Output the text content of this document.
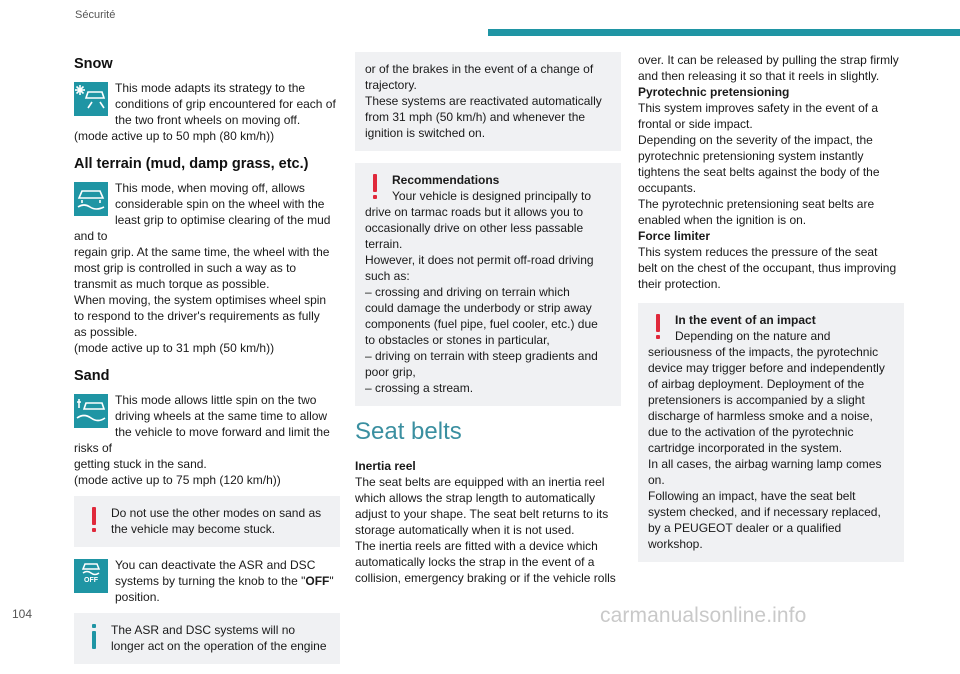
Sécurité
Snow
This mode adapts its strategy to the
conditions of grip encountered for each of
the two front wheels on moving off.
(mode active up to 50 mph (80 km/h))
All terrain (mud, damp grass, etc.)
This mode, when moving off, allows
considerable spin on the wheel with the
least grip to optimise clearing of the mud and to
regain grip. At the same time, the wheel with the
most grip is controlled in such a way as to
transmit as much torque as possible.
When moving, the system optimises wheel spin
to respond to the driver's requirements as fully
as possible.
(mode active up to 31 mph (50 km/h))
Sand
This mode allows little spin on the two
driving wheels at the same time to allow
the vehicle to move forward and limit the risks of
getting stuck in the sand.
(mode active up to 75 mph (120 km/h))
Do not use the other modes on sand as
the vehicle may become stuck.
OFF
You can deactivate the ASR and DSC
systems by turning the knob to the "OFF"
position.
The ASR and DSC systems will no
longer act on the operation of the engine
or of the brakes in the event of a change of
trajectory.
These systems are reactivated automatically
from 31 mph (50 km/h) and whenever the
ignition is switched on.
Recommendations
Your vehicle is designed principally to
drive on tarmac roads but it allows you to
occasionally drive on other less passable
terrain.
However, it does not permit off-road driving
such as:
– crossing and driving on terrain which
could damage the underbody or strip away
components (fuel pipe, fuel cooler, etc.) due
to obstacles or stones in particular,
– driving on terrain with steep gradients and
poor grip,
– crossing a stream.
Seat belts
Inertia reel
The seat belts are equipped with an inertia reel
which allows the strap length to automatically
adjust to your shape. The seat belt returns to its
storage automatically when it is not used.
The inertia reels are fitted with a device which
automatically locks the strap in the event of a
collision, emergency braking or if the vehicle rolls
over. It can be released by pulling the strap firmly
and then releasing it so that it reels in slightly.
Pyrotechnic pretensioning
This system improves safety in the event of a
frontal or side impact.
Depending on the severity of the impact, the
pyrotechnic pretensioning system instantly
tightens the seat belts against the body of the
occupants.
The pyrotechnic pretensioning seat belts are
enabled when the ignition is on.
Force limiter
This system reduces the pressure of the seat
belt on the chest of the occupant, thus improving
their protection.
In the event of an impact
Depending on the nature and
seriousness of the impacts, the pyrotechnic
device may trigger before and independently
of airbag deployment. Deployment of the
pretensioners is accompanied by a slight
discharge of harmless smoke and a noise,
due to the activation of the pyrotechnic
cartridge incorporated in the system.
In all cases, the airbag warning lamp comes
on.
Following an impact, have the seat belt
system checked, and if necessary replaced,
by a PEUGEOT dealer or a qualified
workshop.
104	carmanualsonline.info
